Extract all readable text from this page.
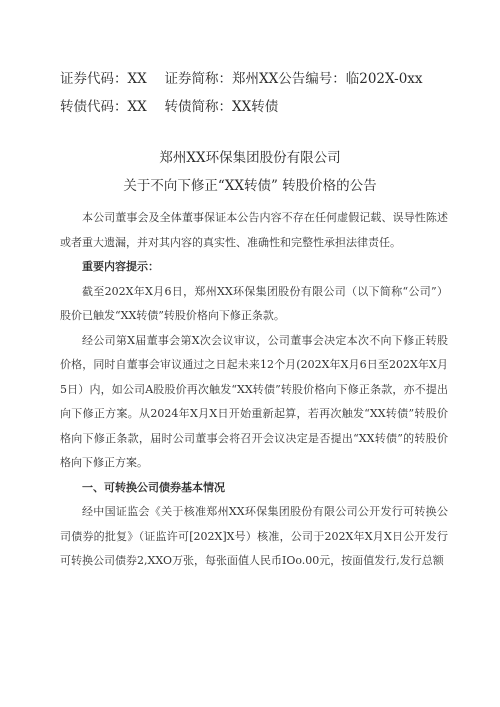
证券代码：XX　 证券简称：郑州XX公告编号：临202X-0xx
转债代码：XX　 转债简称：XX转债
郑州XX环保集团股份有限公司
关于不向下修正“XX转债” 转股价格的公告

本公司董事会及全体董事保证本公告内容不存在任何虚假记载、误导性陈述或者重大遗漏，并对其内容的真实性、准确性和完整性承担法律责任。

重要内容提示：

截至202X年X月6日，郑州XX环保集团股份有限公司（以下简称“公司”）股价已触发“XX转债”转股价格向下修正条款。

经公司第X届董事会第X次会议审议，公司董事会决定本次不向下修正转股价格，同时自董事会审议通过之日起未来12个月(202X年X月6日至202X年X月5日）内，如公司A股股价再次触发“XX转债”转股价格向下修正条款，亦不提出向下修正方案。从2024年X月X日开始重新起算，若再次触发“XX转债”转股价格向下修正条款，届时公司董事会将召开会议决定是否提出“XX转债”的转股价格向下修正方案。

一、可转换公司债券基本情况

经中国证监会《关于核准郑州XX环保集团股份有限公司公开发行可转换公司债券的批复》（证监许可[202X]X号）核准，公司于202X年X月X日公开发行可转换公司债券2,XXO万张，每张面值人民币IOo.00元，按面值发行,发行总额
